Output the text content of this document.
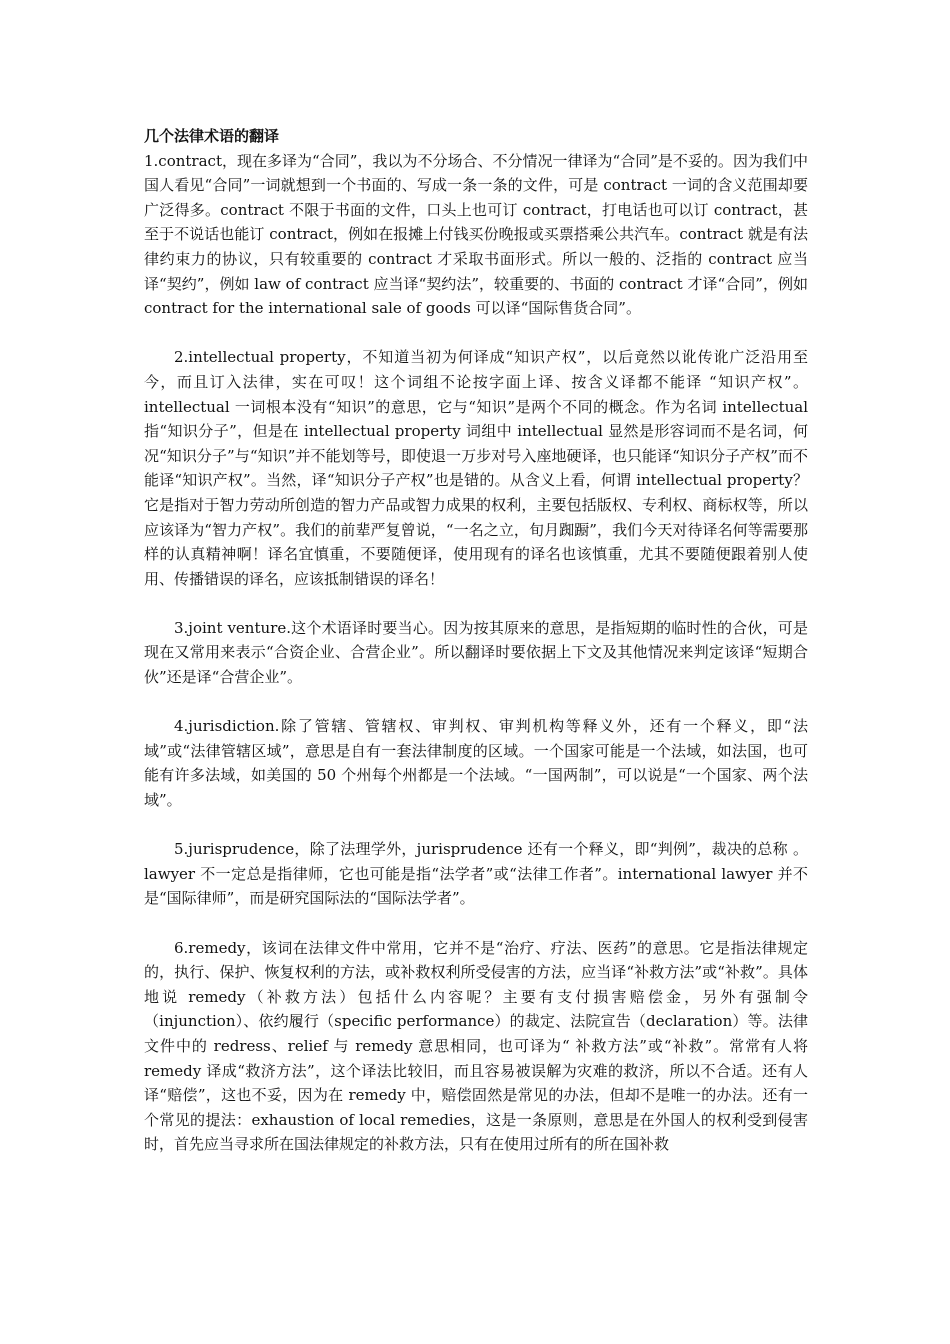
几个法律术语的翻译

1.contract，现在多译为“合同”，我以为不分场合、不分情况一律译为“合同”是不妥的。因为我们中国人看见“合同”一词就想到一个书面的、写成一条一条的文件，可是 contract 一词的含义范围却要广泛得多。contract 不限于书面的文件，口头上也可订 contract，打电话也可以订 contract，甚至于不说话也能订 contract，例如在报摊上付钱买份晚报或买票搭乘公共汽车。contract 就是有法律约束力的协议，只有较重要的 contract 才采取书面形式。所以一般的、泛指的 contract 应当译“契约”，例如 law of contract 应当译“契约法”，较重要的、书面的 contract 才译“合同”，例如 contract for the international sale of goods 可以译“国际售货合同”。

2.intellectual property，不知道当初为何译成“知识产权”，以后竟然以讹传讹广泛沿用至今，而且订入法律，实在可叹！这个词组不论按字面上译、按含义译都不能译 “知识产权”。intellectual 一词根本没有“知识”的意思，它与“知识”是两个不同的概念。作为名词 intellectual 指“知识分子”，但是在 intellectual property 词组中 intellectual 显然是形容词而不是名词，何况“知识分子”与“知识”并不能划等号，即使退一万步对号入座地硬译，也只能译“知识分子产权”而不能译“知识产权”。当然，译“知识分子产权”也是错的。从含义上看，何谓 intellectual property？它是指对于智力劳动所创造的智力产品或智力成果的权利，主要包括版权、专利权、商标权等，所以应该译为“智力产权”。我们的前辈严复曾说，“一名之立，旬月踟蹰”，我们今天对待译名何等需要那样的认真精神啊！译名宜慎重，不要随便译，使用现有的译名也该慎重，尤其不要随便跟着别人使用、传播错误的译名，应该抵制错误的译名！

3.joint venture.这个术语译时要当心。因为按其原来的意思，是指短期的临时性的合伙，可是现在又常用来表示“合资企业、合营企业”。所以翻译时要依据上下文及其他情况来判定该译“短期合伙”还是译“合营企业”。

4.jurisdiction.除了管辖、管辖权、审判权、审判机构等释义外，还有一个释义，即“法域”或“法律管辖区域”，意思是自有一套法律制度的区域。一个国家可能是一个法域，如法国，也可能有许多法域，如美国的 50 个州每个州都是一个法域。“一国两制”，可以说是“一个国家、两个法域”。

5.jurisprudence，除了法理学外，jurisprudence 还有一个释义，即“判例”，裁决的总称 。lawyer 不一定总是指律师，它也可能是指“法学者”或“法律工作者”。international lawyer 并不是“国际律师”，而是研究国际法的“国际法学者”。

6.remedy，该词在法律文件中常用，它并不是“治疗、疗法、医药”的意思。它是指法律规定的，执行、保护、恢复权利的方法，或补救权利所受侵害的方法，应当译“补救方法”或“补救”。具体地说 remedy（补救方法）包括什么内容呢？主要有支付损害赔偿金，另外有强制令（injunction）、依约履行（specific performance）的裁定、法院宣告（declaration）等。法律文件中的 redress、relief 与 remedy 意思相同，也可译为“ 补救方法”或“补救”。常常有人将 remedy 译成“救济方法”，这个译法比较旧，而且容易被误解为灾难的救济，所以不合适。还有人译“赔偿”，这也不妥，因为在 remedy 中，赔偿固然是常见的办法，但却不是唯一的办法。还有一个常见的提法：exhaustion of local remedies，这是一条原则，意思是在外国人的权利受到侵害时，首先应当寻求所在国法律规定的补救方法，只有在使用过所有的所在国补救
